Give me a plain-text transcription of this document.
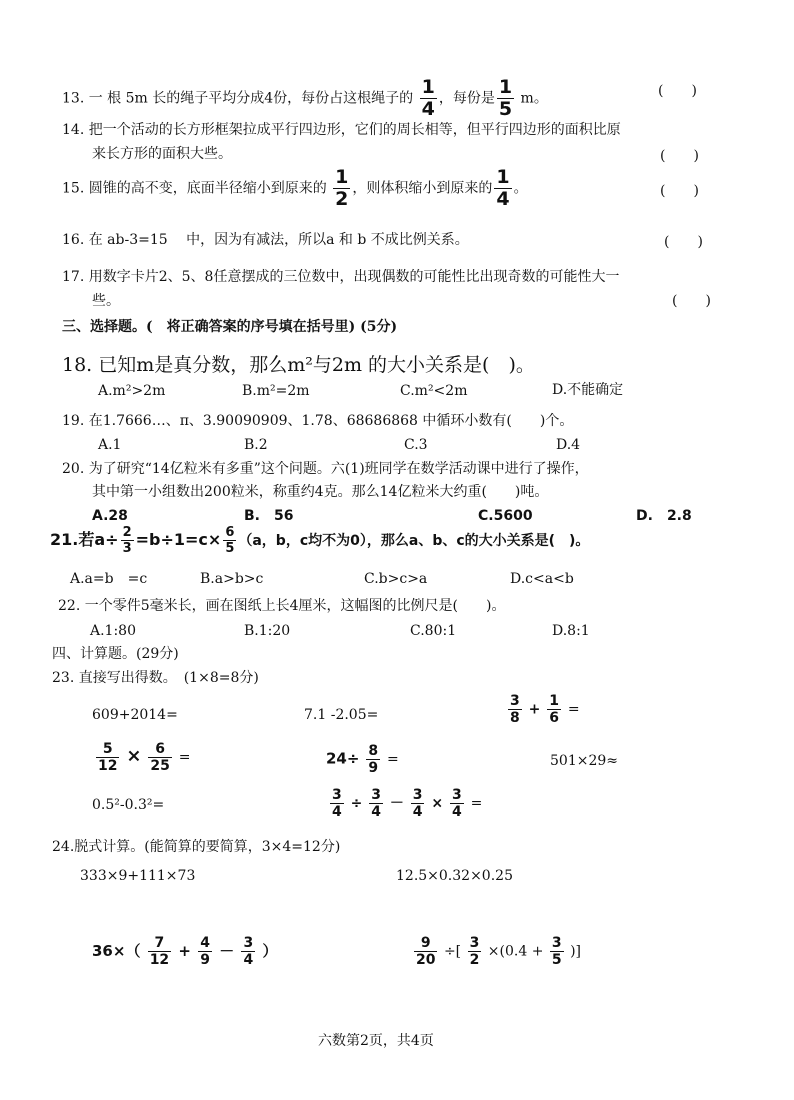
13. 一 根 5m 长的绳子平均分成4份，每份占这根绳子的 $\frac{1}{4}$ ，每份是 $\frac{1}{5}$ m。	(　　)
14. 把一个活动的长方形框架拉成平行四边形，它们的周长相等，但平行四边形的面积比原
来长方形的面积大些。	(　　)
15. 圆锥的高不变，底面半径缩小到原来的 $\frac{1}{2}$ ，则体积缩小到原来的 $\frac{1}{4}$ 。	(　　)
16. 在 ab-3=15　 中，因为有减法，所以a 和 b 不成比例关系。	(　　)
17. 用数字卡片2、5、8任意摆成的三位数中，出现偶数的可能性比出现奇数的可能性大一
些。	(　　)
三、选择题。(　将正确答案的序号填在括号里) (5分)
18. 已知m是真分数，那么m²与2m 的大小关系是(　)。
A.m²>2m	B.m²=2m	C.m²<2m	D.不能确定
19. 在1.7666…、π、3.90090909、1.78、68686868 中循环小数有(　　)个。
A.1	B.2	C.3	D.4
20. 为了研究“14亿粒米有多重”这个问题。六(1)班同学在数学活动课中进行了操作，
其中第一小组数出200粒米，称重约4克。那么14亿粒米大约重(　　)吨。
A.28	B.　56	C.5600	D.　2.8
21.若$a\div \frac{2}{3} =b\div 1=c\times \frac{6}{5} (a$，b，c均不为0），那么a、b、c的大小关系是(　)。
A.a=b　=c	B.a>b>c	C.b>c>a	D.c<a<b
22. 一个零件5毫米长，画在图纸上长4厘米，这幅图的比例尺是(　　)。
A.1:80	B.1:20	C.80:1	D.8:1
四、计算题。(29分)
23. 直接写出得数。　(1×8=8分)
609+2014=	7.1 -2.05=	$\frac{3}{8} + \frac{1}{6}$ =
$\frac{5}{12} \times \frac{6}{25}$ =	$24\div \frac{8}{9}$ =	501×29≈
0.5²-0.3²=	$\frac{3}{4} \div \frac{3}{4} - \frac{3}{4} \times \frac{3}{4}$ =
24.脱式计算。(能简算的要简算，3×4=12分)
333×9+111×73	12.5×0.32×0.25
$36\times( \frac{7}{12} + \frac{4}{9} - \frac{3}{4}$ ）	$\frac{9}{20}$ ÷[ $\frac{3}{2} \times(0.4 + \frac{3}{5}$ )]
六数第2页，共4页
